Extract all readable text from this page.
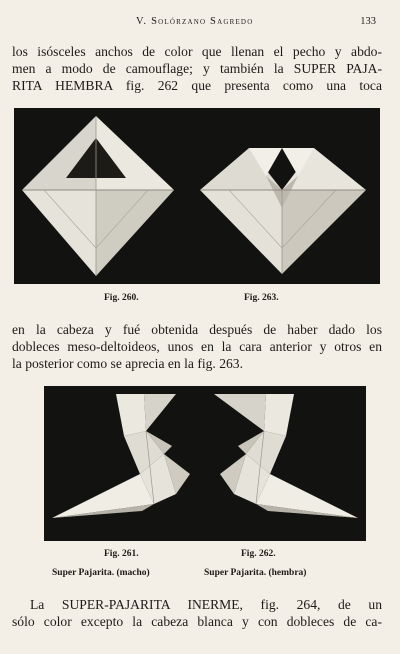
V. Solórzano Sagredo	133
los isósceles anchos de color que llenan el pecho y abdo-
men a modo de camouflage; y también la SUPER PAJA-
RITA HEMBRA fig. 262 que presenta como una toca
Fig. 260.	Fig. 263.
en la cabeza y fué obtenida después de haber dado los
dobleces meso-deltoideos, unos en la cara anterior y otros en
la posterior como se aprecia en la fig. 263.
Fig. 261.	Fig. 262.
Super Pajarita. (macho)	Super Pajarita. (hembra)
La SUPER-PAJARITA INERME, fig. 264, de un
sólo color excepto la cabeza blanca y con dobleces de ca-
